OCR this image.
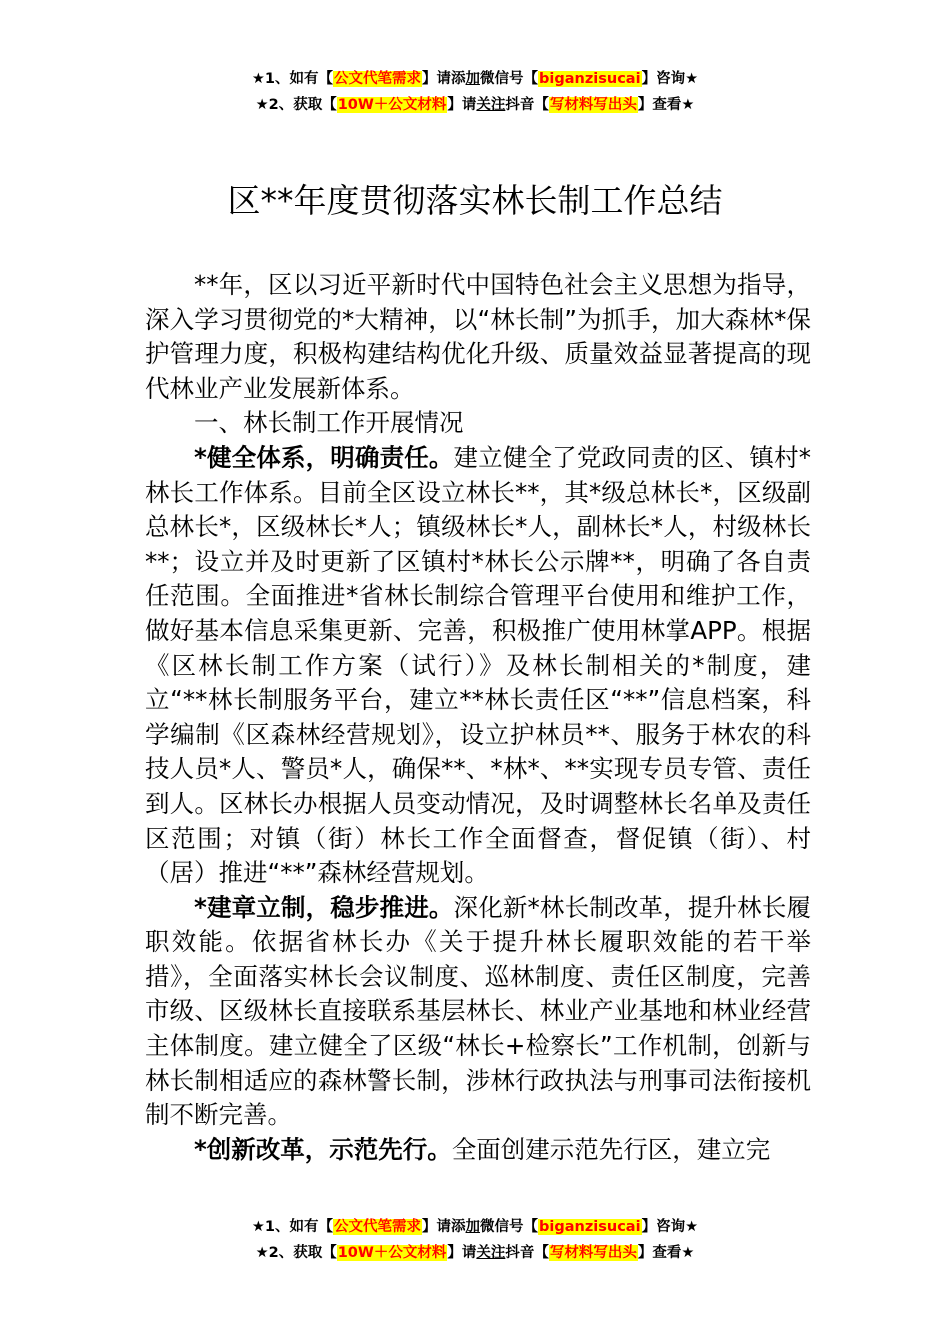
★1、如有【公文代笔需求】请添加微信号【biganzisucai】咨询★
★2、获取【10W＋公文材料】请关注抖音【写材料写出头】查看★
区**年度贯彻落实林长制工作总结

**年，区以习近平新时代中国特色社会主义思想为指导，深入学习贯彻党的*大精神，以“林长制”为抓手，加大森林*保护管理力度，积极构建结构优化升级、质量效益显著提高的现代林业产业发展新体系。

一、林长制工作开展情况

*健全体系，明确责任。建立健全了党政同责的区、镇村*林长工作体系。目前全区设立林长**，其*级总林长*，区级副总林长*，区级林长*人；镇级林长*人，副林长*人，村级林长**；设立并及时更新了区镇村*林长公示牌**，明确了各自责任范围。全面推进*省林长制综合管理平台使用和维护工作，做好基本信息采集更新、完善，积极推广使用林掌APP。根据《区林长制工作方案（试行）》及林长制相关的*制度，建立“**林长制服务平台，建立**林长责任区“**”信息档案，科学编制《区森林经营规划》，设立护林员**、服务于林农的科技人员*人、警员*人，确保**、*林*、**实现专员专管、责任到人。区林长办根据人员变动情况，及时调整林长名单及责任区范围；对镇（街）林长工作全面督查，督促镇（街）、村（居）推进“**”森林经营规划。

*建章立制，稳步推进。深化新*林长制改革，提升林长履职效能。依据省林长办《关于提升林长履职效能的若干举措》，全面落实林长会议制度、巡林制度、责任区制度，完善市级、区级林长直接联系基层林长、林业产业基地和林业经营主体制度。建立健全了区级“林长+检察长”工作机制，创新与林长制相适应的森林警长制，涉林行政执法与刑事司法衔接机制不断完善。

*创新改革，示范先行。全面创建示范先行区，建立完

★1、如有【公文代笔需求】请添加微信号【biganzisucai】咨询★
★2、获取【10W＋公文材料】请关注抖音【写材料写出头】查看★
